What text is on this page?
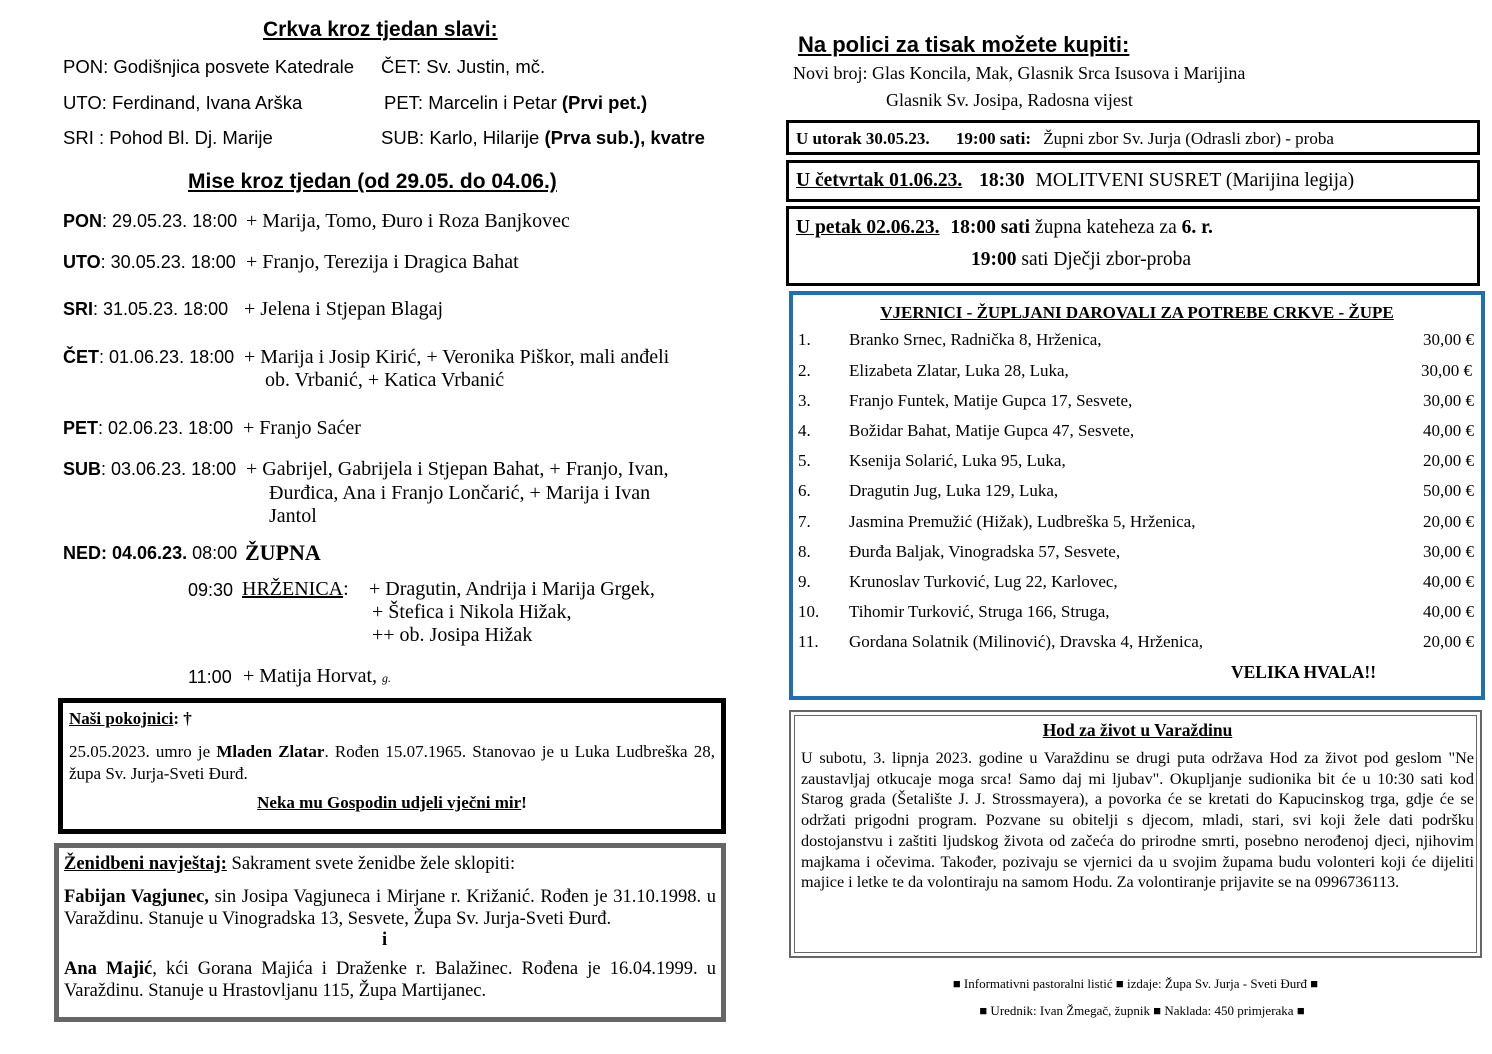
Crkva kroz tjedan slavi:
PON: Godišnjica posvete Katedrale ČET: Sv. Justin, mč.
UTO: Ferdinand, Ivana Arška	PET: Marcelin i Petar (Prvi pet.)
SRI : Pohod Bl. Dj. Marije	SUB: Karlo, Hilarije (Prva sub.), kvatre
Mise kroz tjedan (od 29.05. do 04.06.)
PON: 29.05.23. 18:00 + Marija, Tomo, Đuro i Roza Banjkovec
UTO: 30.05.23. 18:00 + Franjo, Terezija i Dragica Bahat
SRI: 31.05.23. 18:00 + Jelena i Stjepan Blagaj
ČET: 01.06.23. 18:00 + Marija i Josip Kirić, + Veronika Piškor, mali anđeli
ob. Vrbanić, + Katica Vrbanić
PET: 02.06.23. 18:00 + Franjo Saćer
SUB: 03.06.23. 18:00 + Gabrijel, Gabrijela i Stjepan Bahat, + Franjo, Ivan,
Đurđica, Ana i Franjo Lončarić, + Marija i Ivan
Jantol
NED: 04.06.23. 08:00 ŽUPNA
09:30 HRŽENICA: + Dragutin, Andrija i Marija Grgek,
+ Štefica i Nikola Hižak,
++ ob. Josipa Hižak
11:00 + Matija Horvat, g.
Naši pokojnici: †
25.05.2023. umro je Mladen Zlatar. Rođen 15.07.1965. Stanovao je u Luka Ludbreška 28, župa Sv. Jurja-Sveti Đurđ.
Neka mu Gospodin udjeli vječni mir!
Ženidbeni navještaj: Sakrament svete ženidbe žele sklopiti:
Fabijan Vagjunec, sin Josipa Vagjuneca i Mirjane r. Križanić. Rođen je 31.10.1998. u Varaždinu. Stanuje u Vinogradska 13, Sesvete, Župa Sv. Jurja-Sveti Đurđ.
i
Ana Majić, kći Gorana Majića i Draženke r. Balažinec. Rođena je 16.04.1999. u Varaždinu. Stanuje u Hrastovljanu 115, Župa Martijanec.
Na polici za tisak možete kupiti:
Novi broj: Glas Koncila, Mak, Glasnik Srca Isusova i Marijina
Glasnik Sv. Josipa, Radosna vijest
U utorak 30.05.23. 19:00 sati: Župni zbor Sv. Jurja (Odrasli zbor) - proba
U četvrtak 01.06.23. 18:30 MOLITVENI SUSRET (Marijina legija)
U petak 02.06.23. 18:00 sati župna kateheza za 6. r.
19:00 sati Dječji zbor-proba
VJERNICI - ŽUPLJANI DAROVALI ZA POTREBE CRKVE - ŽUPE
1. Branko Srnec, Radnička 8, Hrženica,	30,00 €
2. Elizabeta Zlatar, Luka 28, Luka,	30,00 €
3. Franjo Funtek, Matije Gupca 17, Sesvete,	30,00 €
4. Božidar Bahat, Matije Gupca 47, Sesvete,	40,00 €
5. Ksenija Solarić, Luka 95, Luka,	20,00 €
6. Dragutin Jug, Luka 129, Luka,	50,00 €
7. Jasmina Premužić (Hižak), Ludbreška 5, Hrženica,	20,00 €
8. Đurđa Baljak, Vinogradska 57, Sesvete,	30,00 €
9. Krunoslav Turković, Lug 22, Karlovec,	40,00 €
10. Tihomir Turković, Struga 166, Struga,	40,00 €
11. Gordana Solatnik (Milinović), Dravska 4, Hrženica,	20,00 €
VELIKA HVALA!!
Hod za život u Varaždinu
U subotu, 3. lipnja 2023. godine u Varaždinu se drugi puta održava Hod za život pod geslom "Ne zaustavljaj otkucaje moga srca! Samo daj mi ljubav". Okupljanje sudionika bit će u 10:30 sati kod Starog grada (Šetalište J. J. Strossmayera), a povorka će se kretati do Kapucinskog trga, gdje će se održati prigodni program. Pozvane su obitelji s djecom, mladi, stari, svi koji žele dati podršku dostojanstvu i zaštiti ljudskog života od začeća do prirodne smrti, posebno nerođenoj djeci, njihovim majkama i očevima. Također, pozivaju se vjernici da u svojim župama budu volonteri koji će dijeliti majice i letke te da volontiraju na samom Hodu. Za volontiranje prijavite se na 0996736113.
■ Informativni pastoralni listić ■ izdaje: Župa Sv. Jurja - Sveti Đurđ ■
■ Urednik: Ivan Žmegač, župnik ■ Naklada: 450 primjeraka ■
